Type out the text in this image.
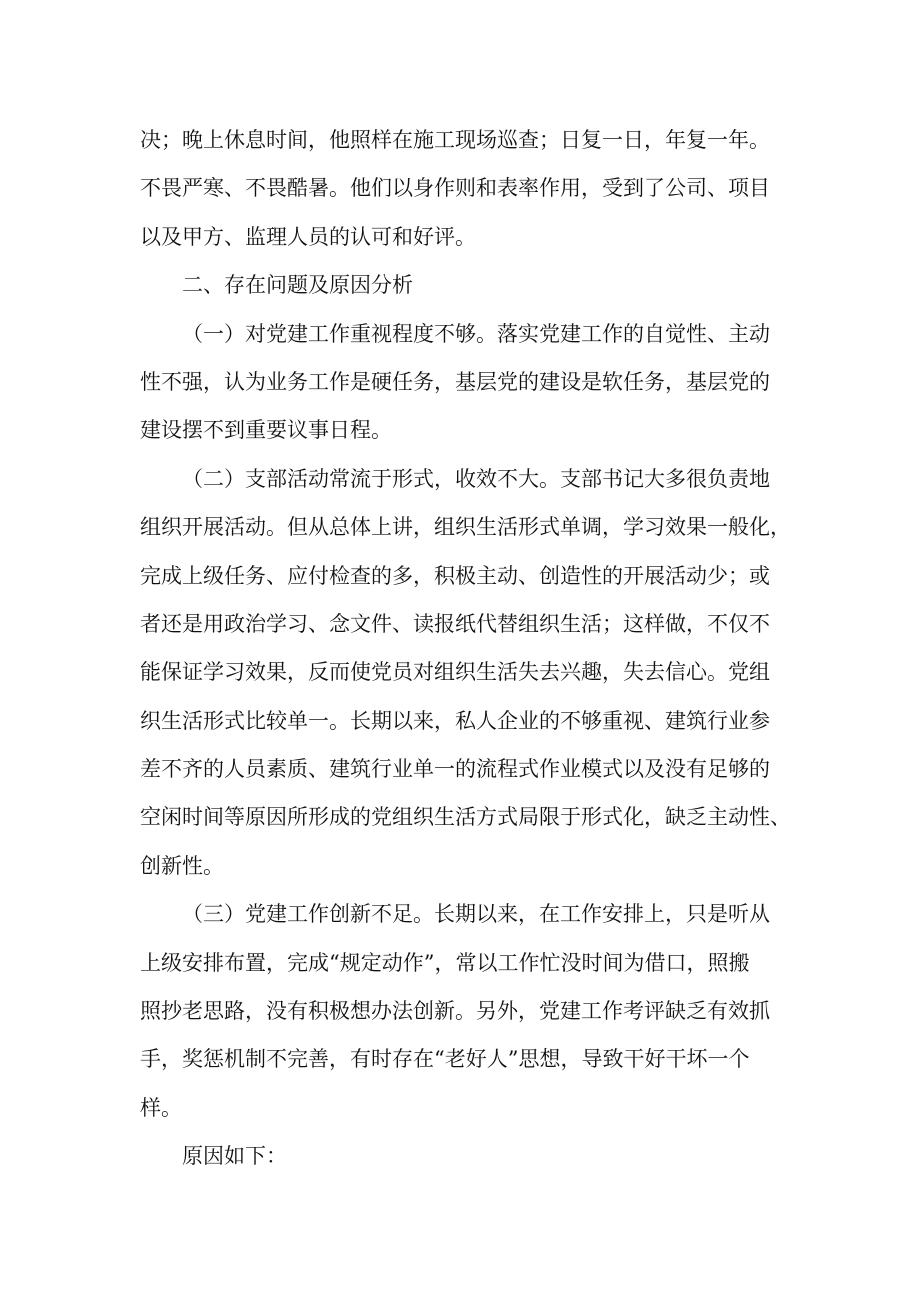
决；晚上休息时间，他照样在施工现场巡查；日复一日，年复一年。
不畏严寒、不畏酷暑。他们以身作则和表率作用，受到了公司、项目
以及甲方、监理人员的认可和好评。
二、存在问题及原因分析
（一）对党建工作重视程度不够。落实党建工作的自觉性、主动
性不强，认为业务工作是硬任务，基层党的建设是软任务，基层党的
建设摆不到重要议事日程。
（二）支部活动常流于形式，收效不大。支部书记大多很负责地
组织开展活动。但从总体上讲，组织生活形式单调，学习效果一般化，
完成上级任务、应付检查的多，积极主动、创造性的开展活动少；或
者还是用政治学习、念文件、读报纸代替组织生活；这样做，不仅不
能保证学习效果，反而使党员对组织生活失去兴趣，失去信心。党组
织生活形式比较单一。长期以来，私人企业的不够重视、建筑行业参
差不齐的人员素质、建筑行业单一的流程式作业模式以及没有足够的
空闲时间等原因所形成的党组织生活方式局限于形式化，缺乏主动性、
创新性。
（三）党建工作创新不足。长期以来，在工作安排上，只是听从
上级安排布置，完成“规定动作”，常以工作忙没时间为借口，照搬
照抄老思路，没有积极想办法创新。另外，党建工作考评缺乏有效抓
手，奖惩机制不完善，有时存在“老好人”思想，导致干好干坏一个
样。
原因如下：
